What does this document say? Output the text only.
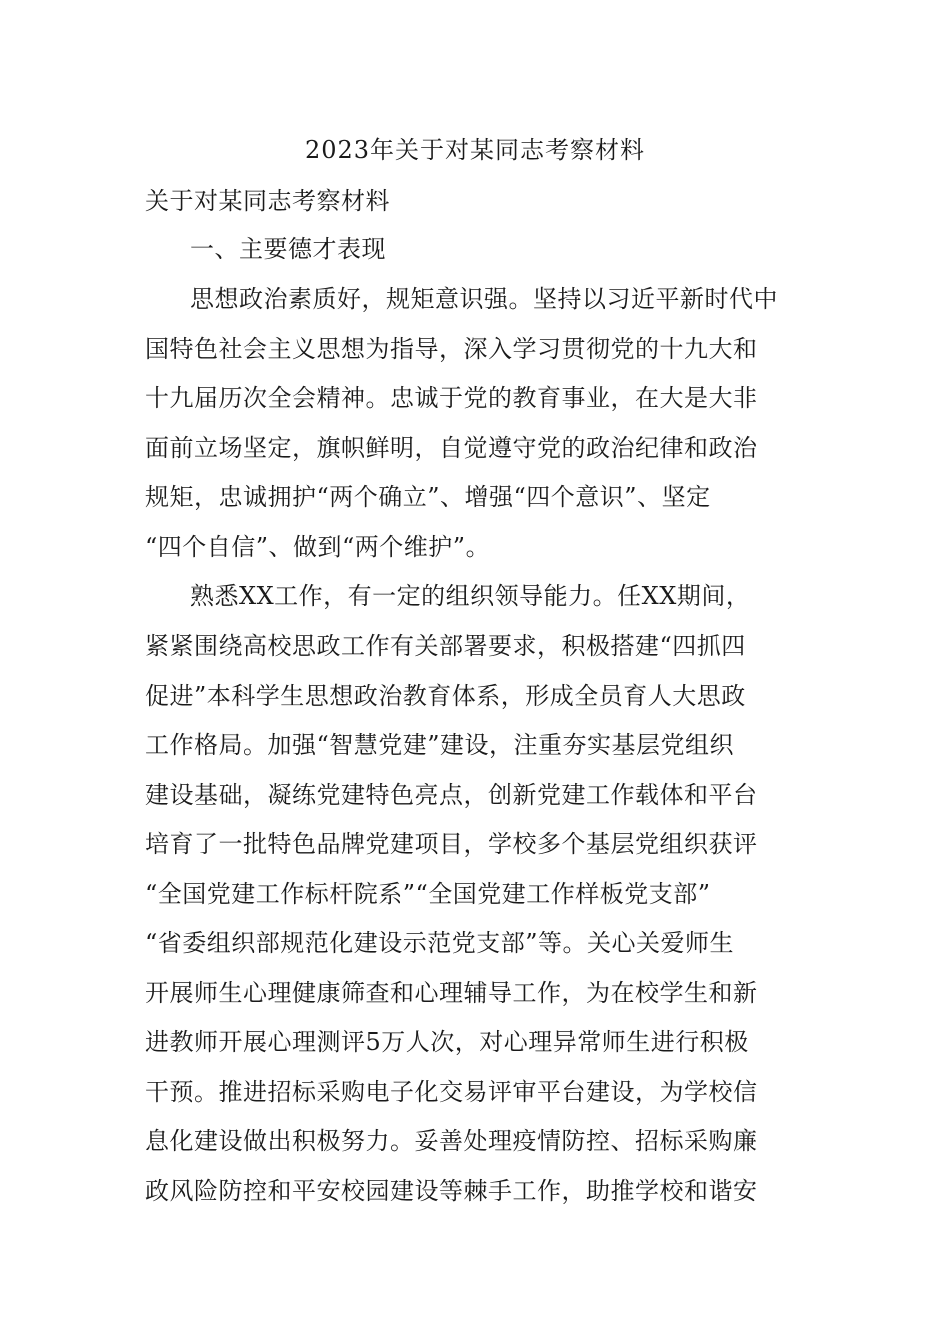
2023年关于对某同志考察材料
关于对某同志考察材料
一、主要德才表现
思想政治素质好，规矩意识强。坚持以习近平新时代中
国特色社会主义思想为指导，深入学习贯彻党的十九大和
十九届历次全会精神。忠诚于党的教育事业，在大是大非
面前立场坚定，旗帜鲜明，自觉遵守党的政治纪律和政治
规矩，忠诚拥护“两个确立”、增强“四个意识”、坚定
“四个自信”、做到“两个维护”。
熟悉XX工作，有一定的组织领导能力。任XX期间，
紧紧围绕高校思政工作有关部署要求，积极搭建“四抓四
促进”本科学生思想政治教育体系，形成全员育人大思政
工作格局。加强“智慧党建”建设，注重夯实基层党组织
建设基础，凝练党建特色亮点，创新党建工作载体和平台
培育了一批特色品牌党建项目，学校多个基层党组织获评
“全国党建工作标杆院系”“全国党建工作样板党支部”
“省委组织部规范化建设示范党支部”等。关心关爱师生
开展师生心理健康筛查和心理辅导工作，为在校学生和新
进教师开展心理测评5万人次，对心理异常师生进行积极
干预。推进招标采购电子化交易评审平台建设，为学校信
息化建设做出积极努力。妥善处理疫情防控、招标采购廉
政风险防控和平安校园建设等棘手工作，助推学校和谐安
